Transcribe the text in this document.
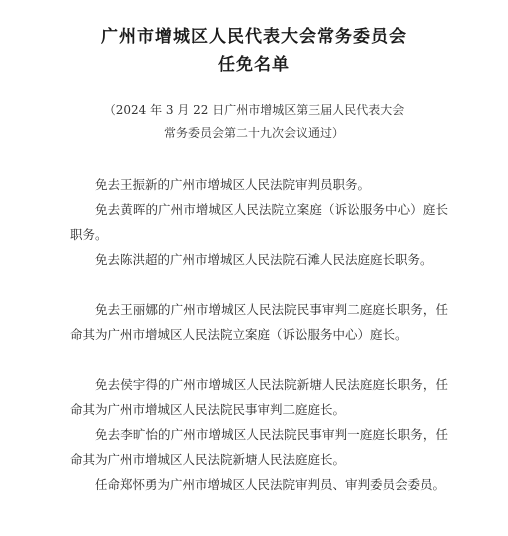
广州市增城区人民代表大会常务委员会
任免名单
（2024 年 3 月 22 日广州市增城区第三届人民代表大会
常务委员会第二十九次会议通过）

免去王振新的广州市增城区人民法院审判员职务。

免去黄晖的广州市增城区人民法院立案庭（诉讼服务中心）庭长职务。

免去陈洪超的广州市增城区人民法院石滩人民法庭庭长职务。

免去王丽娜的广州市增城区人民法院民事审判二庭庭长职务，任命其为广州市增城区人民法院立案庭（诉讼服务中心）庭长。

免去侯宇得的广州市增城区人民法院新塘人民法庭庭长职务，任命其为广州市增城区人民法院民事审判二庭庭长。

免去李旷怡的广州市增城区人民法院民事审判一庭庭长职务，任命其为广州市增城区人民法院新塘人民法庭庭长。

任命郑怀勇为广州市增城区人民法院审判员、审判委员会委员。
